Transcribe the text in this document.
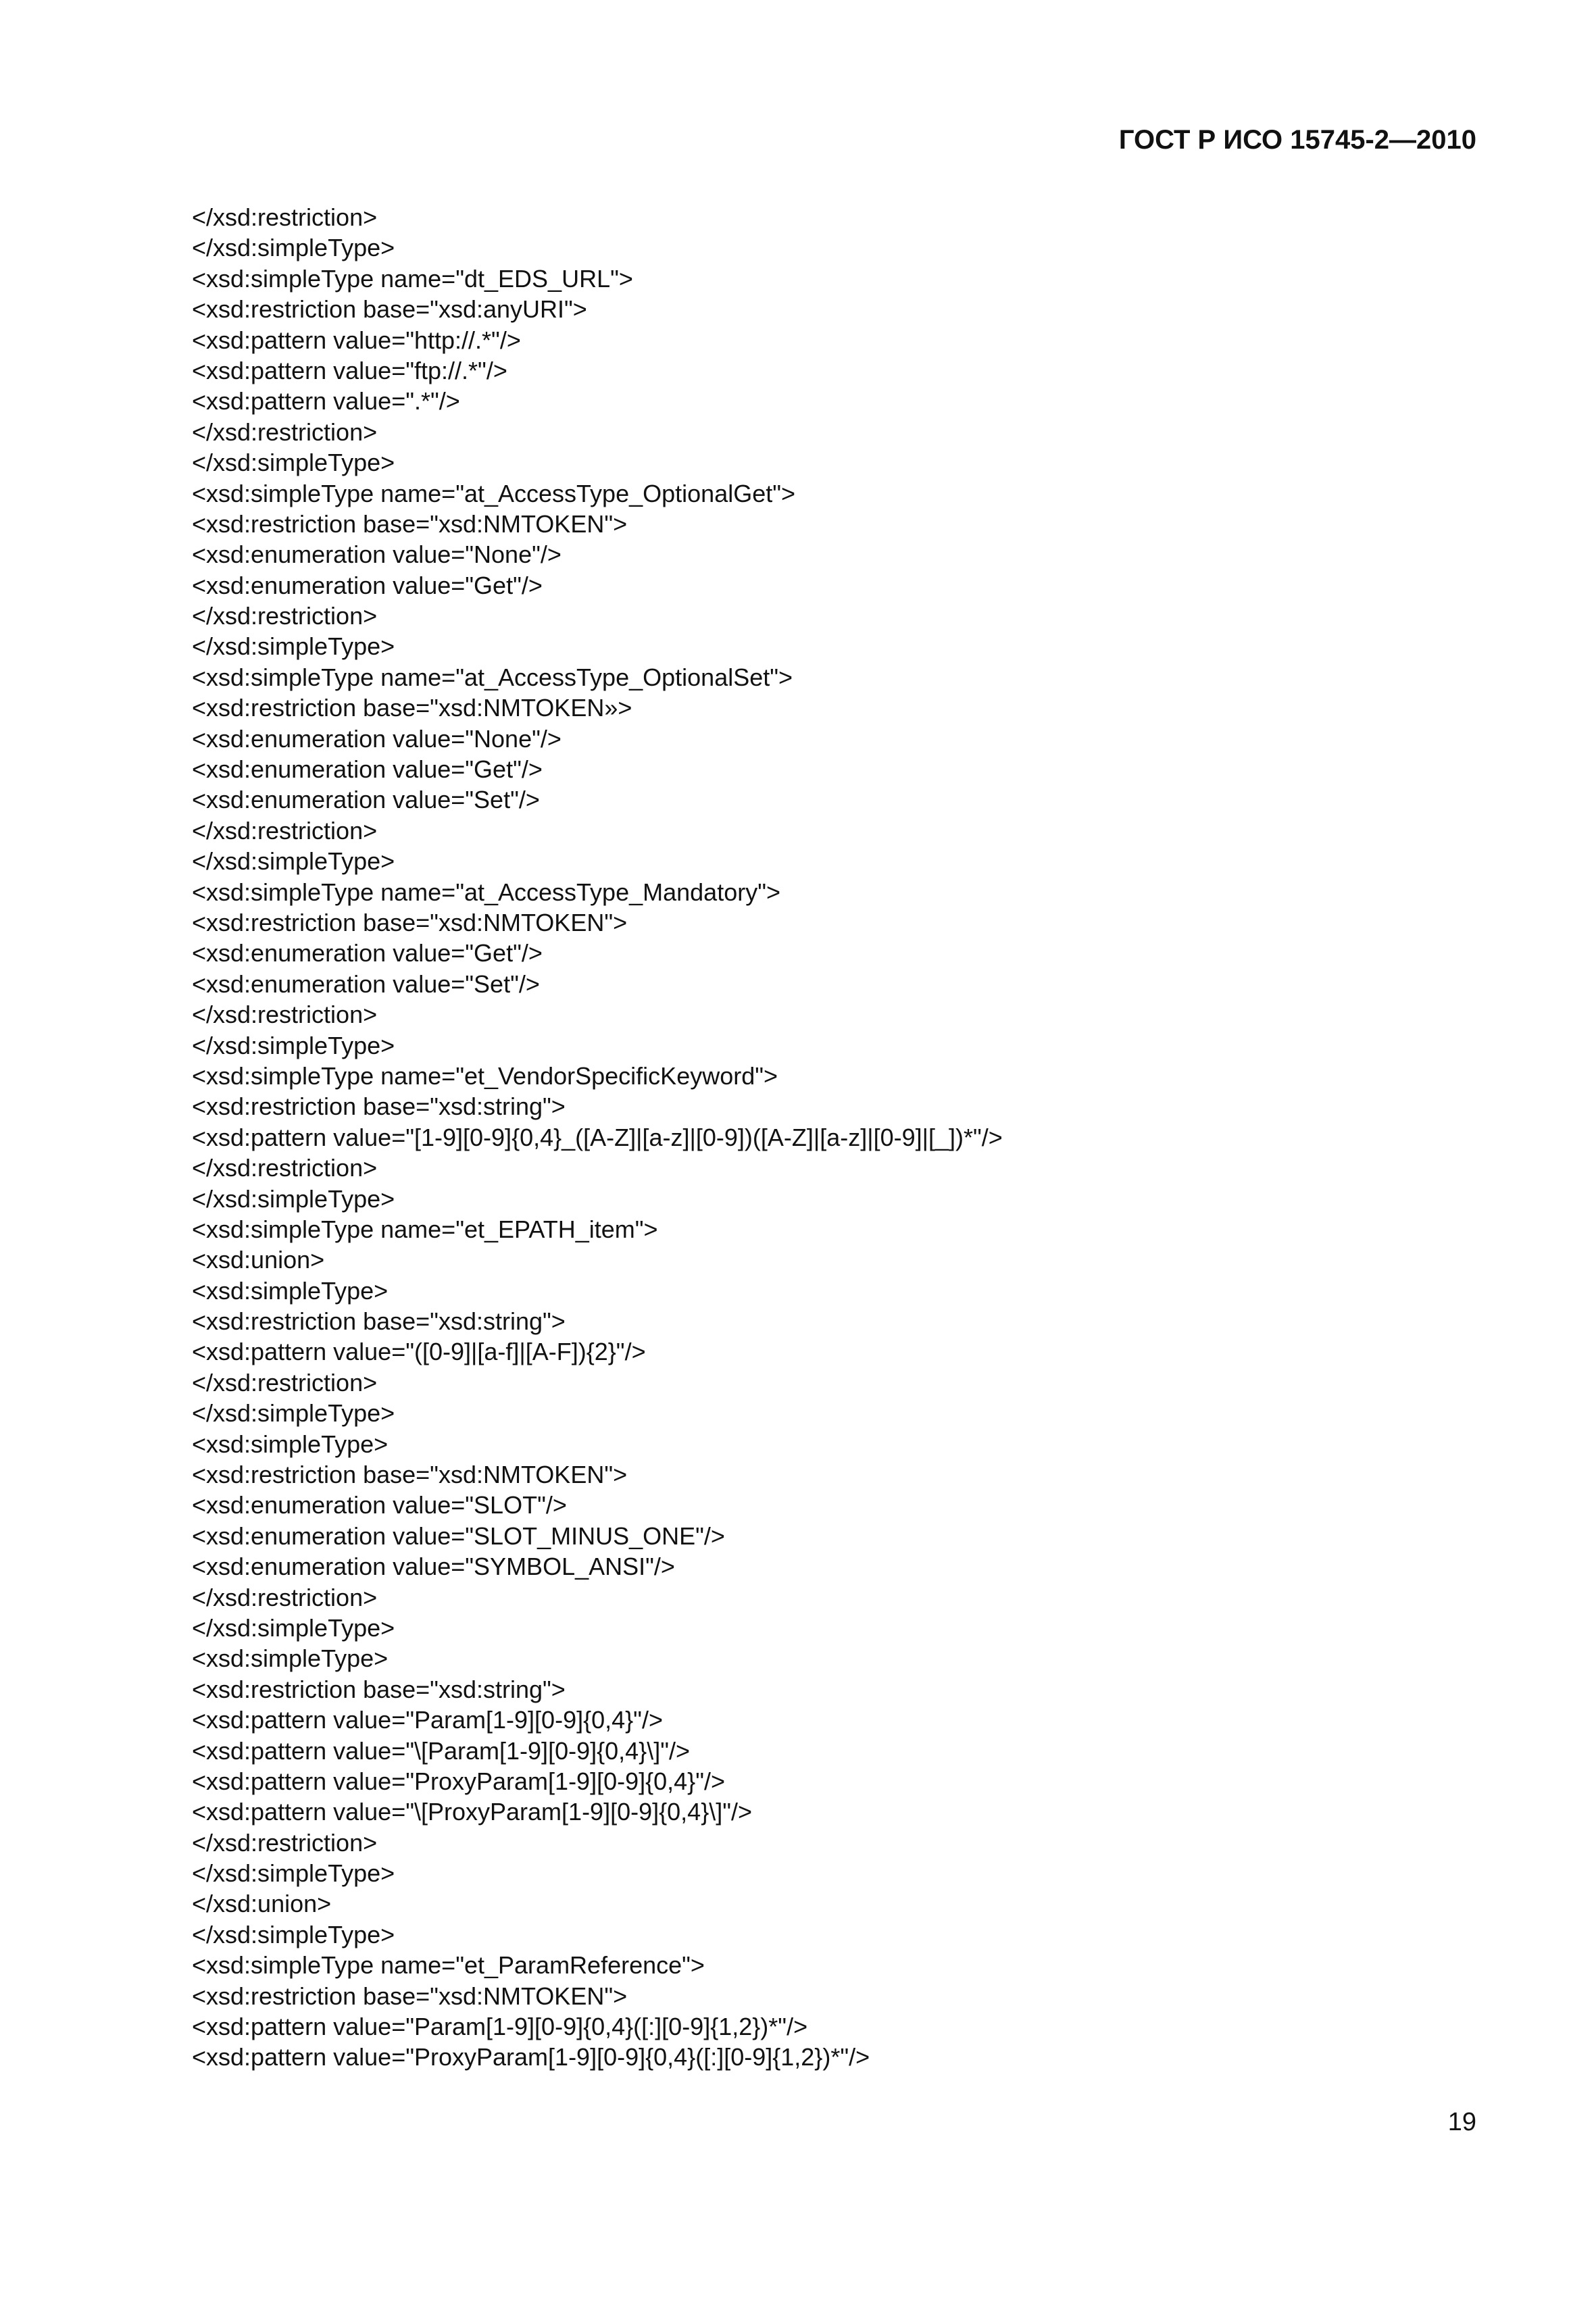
ГОСТ Р ИСО 15745-2—2010
</xsd:restriction>
</xsd:simpleType>
<xsd:simpleType name="dt_EDS_URL">
<xsd:restriction base="xsd:anyURI">
<xsd:pattern value="http://.*"/>
<xsd:pattern value="ftp://.*"/>
<xsd:pattern value=".*"/>
</xsd:restriction>
</xsd:simpleType>
<xsd:simpleType name="at_AccessType_OptionalGet">
<xsd:restriction base="xsd:NMTOKEN">
<xsd:enumeration value="None"/>
<xsd:enumeration value="Get"/>
</xsd:restriction>
</xsd:simpleType>
<xsd:simpleType name="at_AccessType_OptionalSet">
<xsd:restriction base="xsd:NMTOKEN»>
<xsd:enumeration value="None"/>
<xsd:enumeration value="Get"/>
<xsd:enumeration value="Set"/>
</xsd:restriction>
</xsd:simpleType>
<xsd:simpleType name="at_AccessType_Mandatory">
<xsd:restriction base="xsd:NMTOKEN">
<xsd:enumeration value="Get"/>
<xsd:enumeration value="Set"/>
</xsd:restriction>
</xsd:simpleType>
<xsd:simpleType name="et_VendorSpecificKeyword">
<xsd:restriction base="xsd:string">
<xsd:pattern value="[1-9][0-9]{0,4}_([A-Z]|[a-z]|[0-9])([A-Z]|[a-z]|[0-9]|[_])*"/>
</xsd:restriction>
</xsd:simpleType>
<xsd:simpleType name="et_EPATH_item">
<xsd:union>
<xsd:simpleType>
<xsd:restriction base="xsd:string">
<xsd:pattern value="([0-9]|[a-f]|[A-F]){2}"/>
</xsd:restriction>
</xsd:simpleType>
<xsd:simpleType>
<xsd:restriction base="xsd:NMTOKEN">
<xsd:enumeration value="SLOT"/>
<xsd:enumeration value="SLOT_MINUS_ONE"/>
<xsd:enumeration value="SYMBOL_ANSI"/>
</xsd:restriction>
</xsd:simpleType>
<xsd:simpleType>
<xsd:restriction base="xsd:string">
<xsd:pattern value="Param[1-9][0-9]{0,4}"/>
<xsd:pattern value="\[Param[1-9][0-9]{0,4}\]"/>
<xsd:pattern value="ProxyParam[1-9][0-9]{0,4}"/>
<xsd:pattern value="\[ProxyParam[1-9][0-9]{0,4}\]"/>
</xsd:restriction>
</xsd:simpleType>
</xsd:union>
</xsd:simpleType>
<xsd:simpleType name="et_ParamReference">
<xsd:restriction base="xsd:NMTOKEN">
<xsd:pattern value="Param[1-9][0-9]{0,4}([:][0-9]{1,2})*"/>
<xsd:pattern value="ProxyParam[1-9][0-9]{0,4}([:][0-9]{1,2})*"/>
19
